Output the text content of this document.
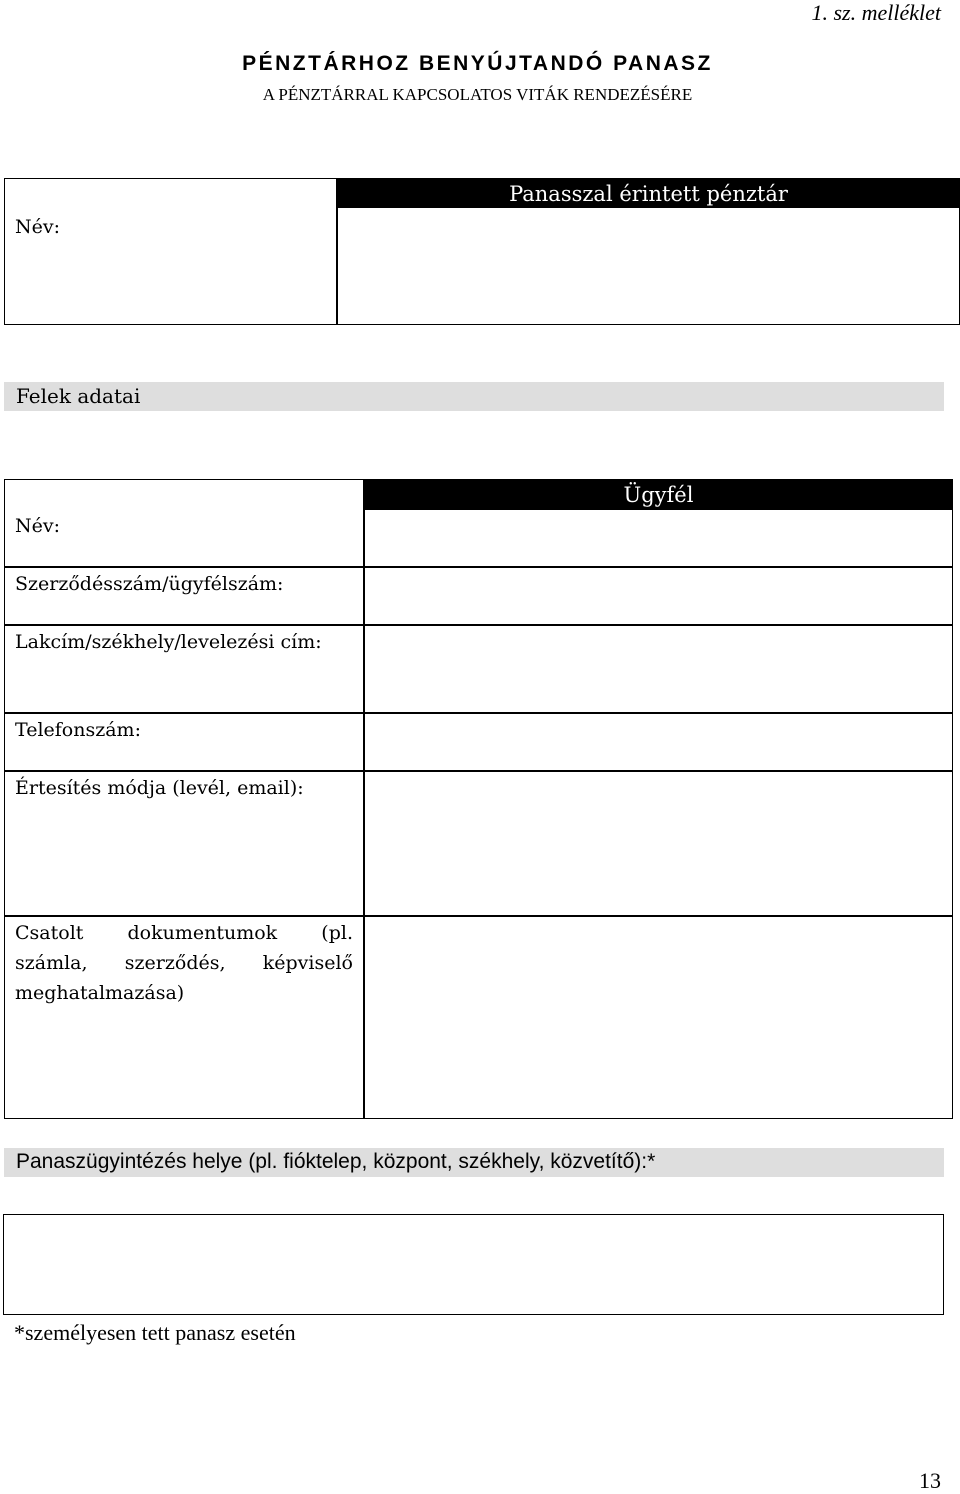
1. sz. melléklet
PÉNZTÁRHOZ BENYÚJTANDÓ PANASZ
A PÉNZTÁRRAL KAPCSOLATOS VITÁK RENDEZÉSÉRE
Panasszal érintett pénztár
Név:
Felek adatai
Ügyfél
Név:
Szerződésszám/ügyfélszám:
Lakcím/székhely/levelezési cím:
Telefonszám:
Értesítés módja (levél, email):
Csatolt dokumentumok (pl. számla, szerződés, képviselő meghatalmazása)
Panaszügyintézés helye (pl. fióktelep, központ, székhely, közvetítő):*
*személyesen tett panasz esetén
13
